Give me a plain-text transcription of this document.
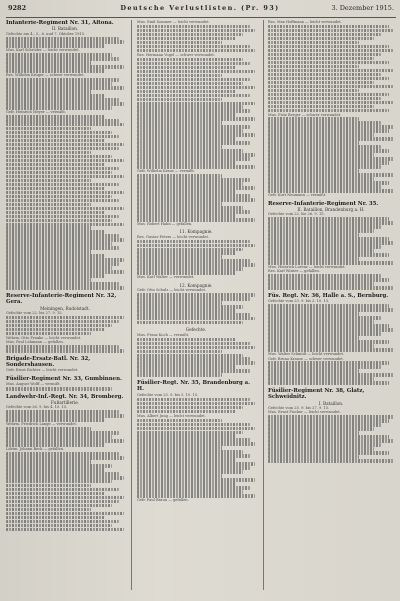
9282	Deutsche Verlustlisten. (Pr. 93)	3. Dezember 1915.
Infanterie-Regiment Nr. 31, Altona.
II. Bataillon.
Gefechte am 4., 5., 6. und 7. Oktober 1915.
Mus. Karl Schröder — leicht verwundet.
Res. Wilhelm Krüger — schwer verwundet.
Gefr. Heinrich Meyer — vermißt.
Reserve-Infanterie-Regiment Nr. 32, Gera.
Meiningen, Rudolstadt.
Gefechte vom 22. bis 27. 9. 15.
Wehrm. Otto Franke — leicht verwundet.
Mus. Paul Lehmann — gefallen.
Brigade-Ersatz-Batl. Nr. 32, Sondershausen.
Gefr. Ernst Richter — leicht verwundet.
Füsilier-Regiment Nr. 33, Gumbinnen.
Mus. August Wolff — vermißt.
Landwehr-Inf.-Regt. Nr. 34, Bromberg.
Fußartillerie.
Gefechte vom 26. 9. bis 4. 10. 15.
Wehrm. Friedrich Lange — verwundet.
Ldstm. Johann Beck — gefallen.
Mus. Emil Sommer — leicht verwundet.
Res. Hermann Vogel — schwer verwundet.
Gefr. Wilhelm Kraus — vermißt.
Mus. Robert Hahn — gefallen.
11. Kompagnie.
Res. Gustav Peters — leicht verwundet.
Mus. Karl Walter — verwundet.
12. Kompagnie.
Gefr. Otto Schulz — leicht verwundet.
Gefechte.
Mus. Franz Koch — vermißt.
Füsilier-Regt. Nr. 35, Brandenburg a. H.
Gefechte vom 25. 9. bis 5. 10. 15.
Mus. Albert Jung — leicht verwundet.
Gefr. Paul Braun — gefallen.
Res. Max Hoffmann — leicht verwundet.
Mus. Fritz Berger — schwer verwundet.
Gefr. Kurt Neumann — vermißt.
Reserve-Infanterie-Regiment Nr. 35.
II. Bataillon, Brandenburg a. H.
Gefechte vom 22. bis 26. 9. 15.
Mus. Heinrich Lorenz — leicht verwundet.
Res. Karl Winter — gefallen.
Füs. Regt. Nr. 36, Halle a. S., Bernburg.
Gefechte vom 23. 9. bis 2. 10. 15.
Mus. Walter Schmidt — leicht verwundet.
Gefr. Bruno Krause — schwer verwundet.
Füsilier-Regiment Nr. 38, Glatz, Schweidnitz.
I. Bataillon.
Gefechte vom 25. 9. bis 27. 9. 15.
Mus. Ernst Fischer — leicht verwundet.
